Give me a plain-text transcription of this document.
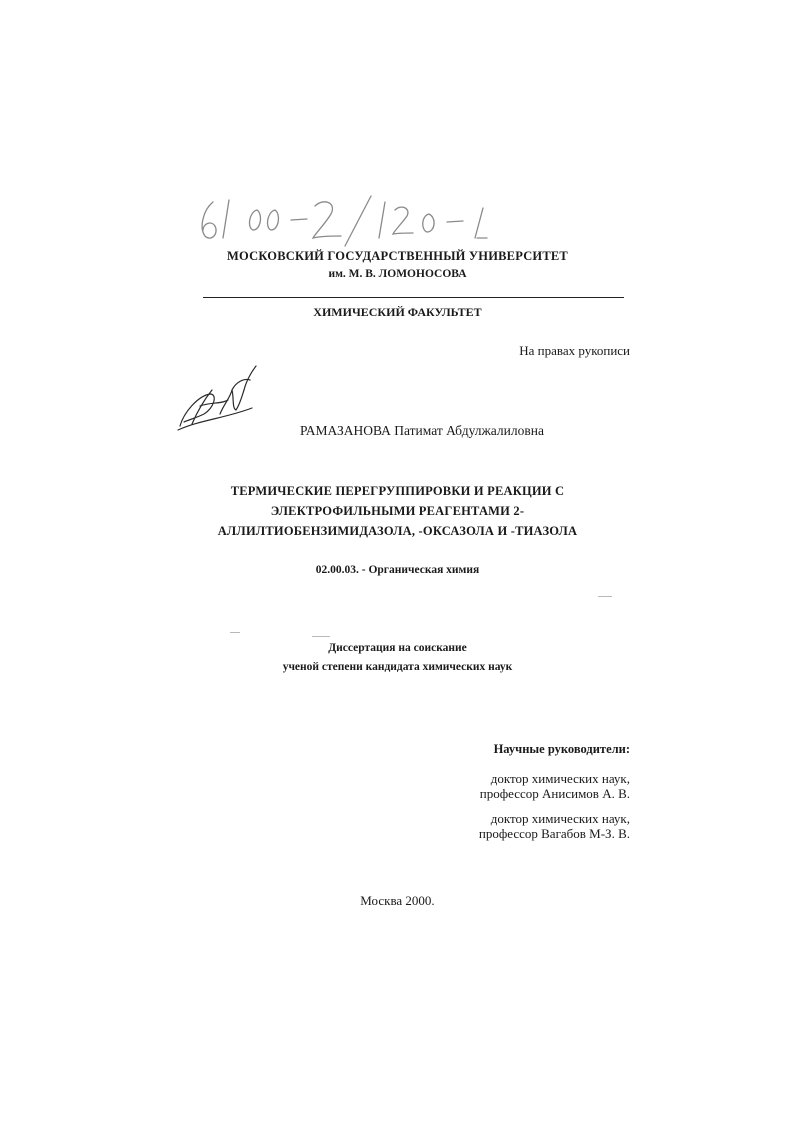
61 00-2/120-1
МОСКОВСКИЙ ГОСУДАРСТВЕННЫЙ УНИВЕРСИТЕТ
им. М. В. ЛОМОНОСОВА
ХИМИЧЕСКИЙ ФАКУЛЬТЕТ
На правах рукописи
РАМАЗАНОВА Патимат Абдулжалиловна
ТЕРМИЧЕСКИЕ ПЕРЕГРУППИРОВКИ И РЕАКЦИИ С
ЭЛЕКТРОФИЛЬНЫМИ РЕАГЕНТАМИ 2-
АЛЛИЛТИОБЕНЗИМИДАЗОЛА, -ОКСАЗОЛА И -ТИАЗОЛА
02.00.03. - Органическая химия
Диссертация на соискание
ученой степени кандидата химических наук
Научные руководители:
доктор химических наук,
профессор Анисимов А. В.
доктор химических наук,
профессор Вагабов М-З. В.
Москва 2000.
